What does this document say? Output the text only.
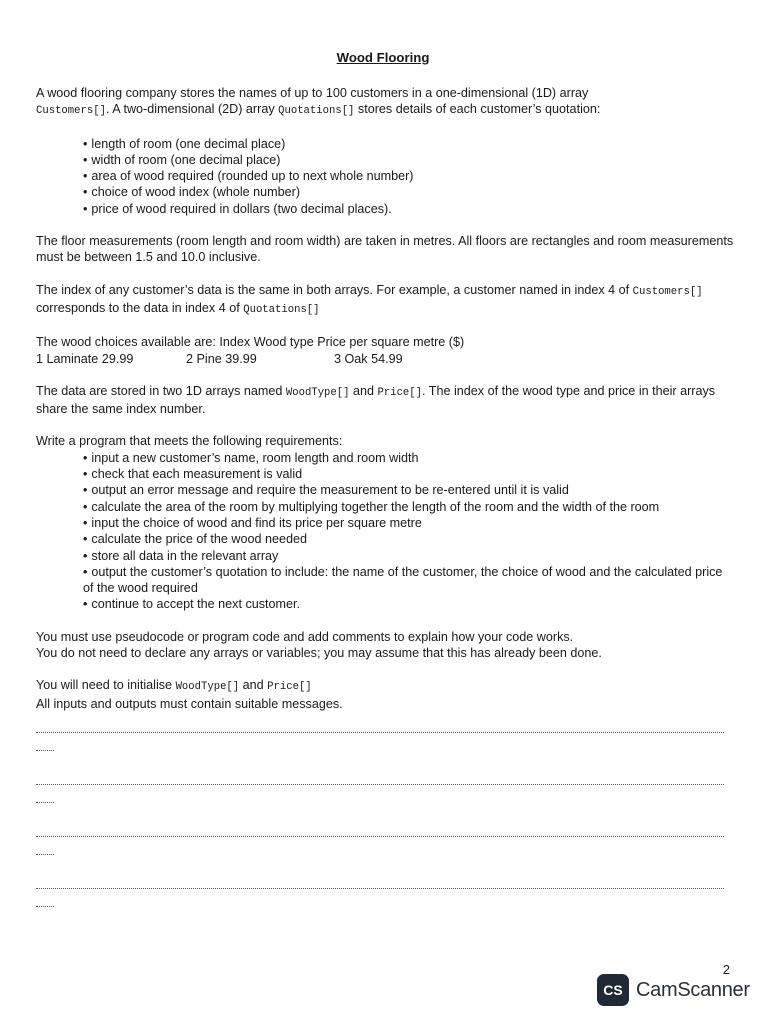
Wood Flooring

A wood flooring company stores the names of up to 100 customers in a one-dimensional (1D) array
Customers[]. A two-dimensional (2D) array Quotations[] stores details of each customer’s quotation:

• length of room (one decimal place)
• width of room (one decimal place)
• area of wood required (rounded up to next whole number)
• choice of wood index (whole number)
• price of wood required in dollars (two decimal places).

The floor measurements (room length and room width) are taken in metres. All floors are rectangles and room measurements must be between 1.5 and 10.0 inclusive.

The index of any customer’s data is the same in both arrays. For example, a customer named in index 4 of Customers[]
corresponds to the data in index 4 of Quotations[]

The wood choices available are: Index Wood type Price per square metre ($)

1 Laminate 29.99	2 Pine 39.99	3 Oak 54.99

The data are stored in two 1D arrays named WoodType[] and Price[]. The index of the wood type and price in their arrays share the same index number.

Write a program that meets the following requirements:

• input a new customer’s name, room length and room width
• check that each measurement is valid
• output an error message and require the measurement to be re-entered until it is valid
• calculate the area of the room by multiplying together the length of the room and the width of the room
• input the choice of wood and find its price per square metre
• calculate the price of the wood needed
• store all data in the relevant array
• output the customer’s quotation to include: the name of the customer, the choice of wood and the calculated price of the wood required
• continue to accept the next customer.

You must use pseudocode or program code and add comments to explain how your code works.

You do not need to declare any arrays or variables; you may assume that this has already been done.

You will need to initialise WoodType[] and Price[]

All inputs and outputs must contain suitable messages.

2
CS CamScanner
